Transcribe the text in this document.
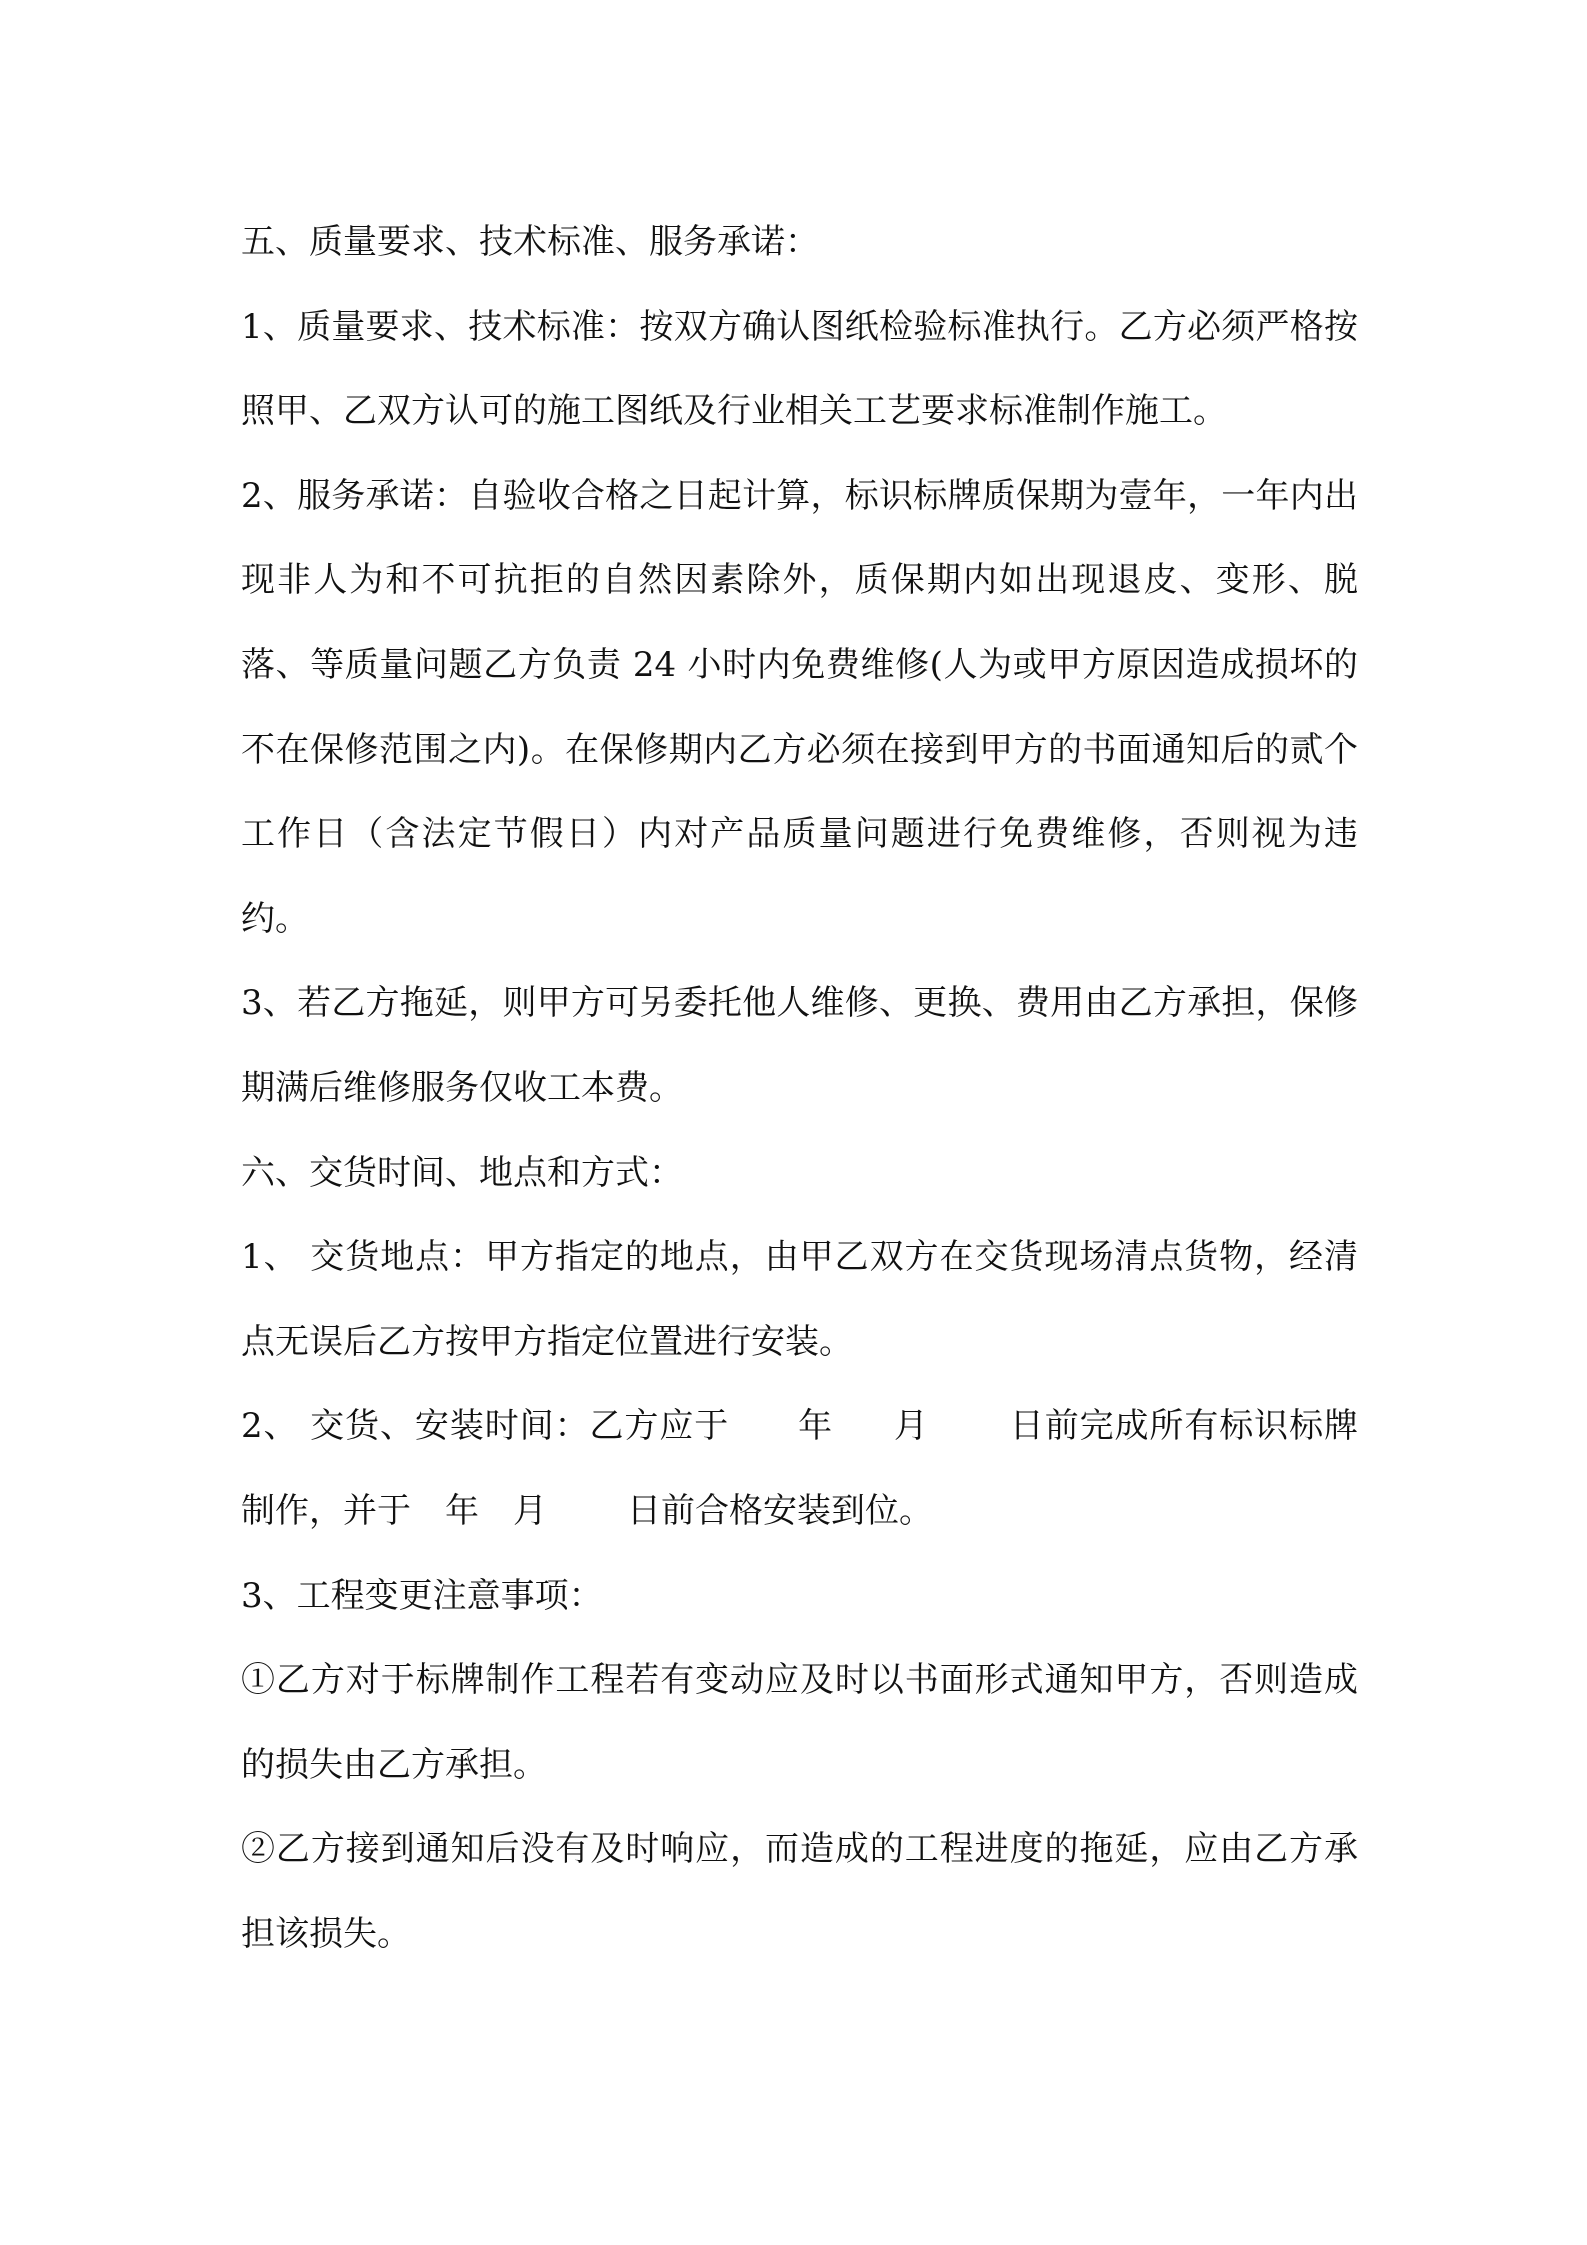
五、质量要求、技术标准、服务承诺：

1、质量要求、技术标准：按双方确认图纸检验标准执行。乙方必须严格按照甲、乙双方认可的施工图纸及行业相关工艺要求标准制作施工。

2、服务承诺：自验收合格之日起计算，标识标牌质保期为壹年，一年内出现非人为和不可抗拒的自然因素除外，质保期内如出现退皮、变形、脱落、等质量问题乙方负责 24 小时内免费维修(人为或甲方原因造成损坏的不在保修范围之内)。在保修期内乙方必须在接到甲方的书面通知后的贰个工作日（含法定节假日）内对产品质量问题进行免费维修，否则视为违约。

3、若乙方拖延，则甲方可另委托他人维修、更换、费用由乙方承担，保修期满后维修服务仅收工本费。

六、交货时间、地点和方式：

1、 交货地点：甲方指定的地点，由甲乙双方在交货现场清点货物，经清点无误后乙方按甲方指定位置进行安装。

2、 交货、安装时间：乙方应于 年 月 日前完成所有标识标牌制作，并于 年 月 日前合格安装到位。

3、工程变更注意事项：

①乙方对于标牌制作工程若有变动应及时以书面形式通知甲方，否则造成的损失由乙方承担。

②乙方接到通知后没有及时响应，而造成的工程进度的拖延，应由乙方承担该损失。
